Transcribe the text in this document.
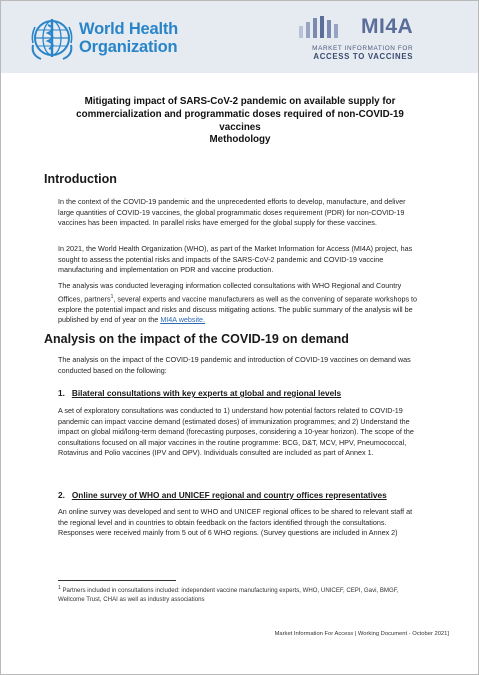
World Health
Organization
MI4A
MARKET INFORMATION FOR
ACCESS TO VACCINES
Mitigating impact of SARS-CoV-2 pandemic on available supply for
commercialization and programmatic doses required of non-COVID-19
vaccines
Methodology
Introduction
In the context of the COVID-19 pandemic and the unprecedented efforts to develop, manufacture, and deliver large quantities of COVID-19 vaccines, the global programmatic doses requirement (PDR) for non-COVID-19 vaccines has been impacted. In parallel risks have emerged for the global supply for these vaccines.
In 2021, the World Health Organization (WHO), as part of the Market Information for Access (MI4A) project, has sought to assess the potential risks and impacts of the SARS-CoV-2 pandemic and COVID-19 vaccine manufacturing and implementation on PDR and vaccine production.
The analysis was conducted leveraging information collected consultations with WHO Regional and Country Offices, partners$^1$, several experts and vaccine manufacturers as well as the convening of separate workshops to explore the potential impact and risks and discuss mitigating actions. The public summary of the analysis will be published by end of year on the MI4A website.
Analysis on the impact of the COVID-19 on demand
The analysis on the impact of the COVID-19 pandemic and introduction of COVID-19 vaccines on demand was conducted based on the following:
1. Bilateral consultations with key experts at global and regional levels
A set of exploratory consultations was conducted to 1) understand how potential factors related to COVID-19 pandemic can impact vaccine demand (estimated doses) of immunization programmes; and 2) Understand the impact on global mid/long-term demand (forecasting purposes, considering a 10-year horizon). The scope of the consultations focused on all major vaccines in the routine programme: BCG, D&T, MCV, HPV, Pneumococcal, Rotavirus and Polio vaccines (IPV and OPV). Individuals consulted are included as part of Annex 1.
2. Online survey of WHO and UNICEF regional and country offices representatives
An online survey was developed and sent to WHO and UNICEF regional offices to be shared to relevant staff at the regional level and in countries to obtain feedback on the factors identified through the consultations. Responses were received mainly from 5 out of 6 WHO regions. (Survey questions are included in Annex 2)
$^1$ Partners included in consultations included: independent vaccine manufacturing experts, WHO, UNICEF, CEPI, Gavi, BMGF, Wellcome Trust, CHAI as well as industry associations
Market Information For Access | Working Document - October 2021]
